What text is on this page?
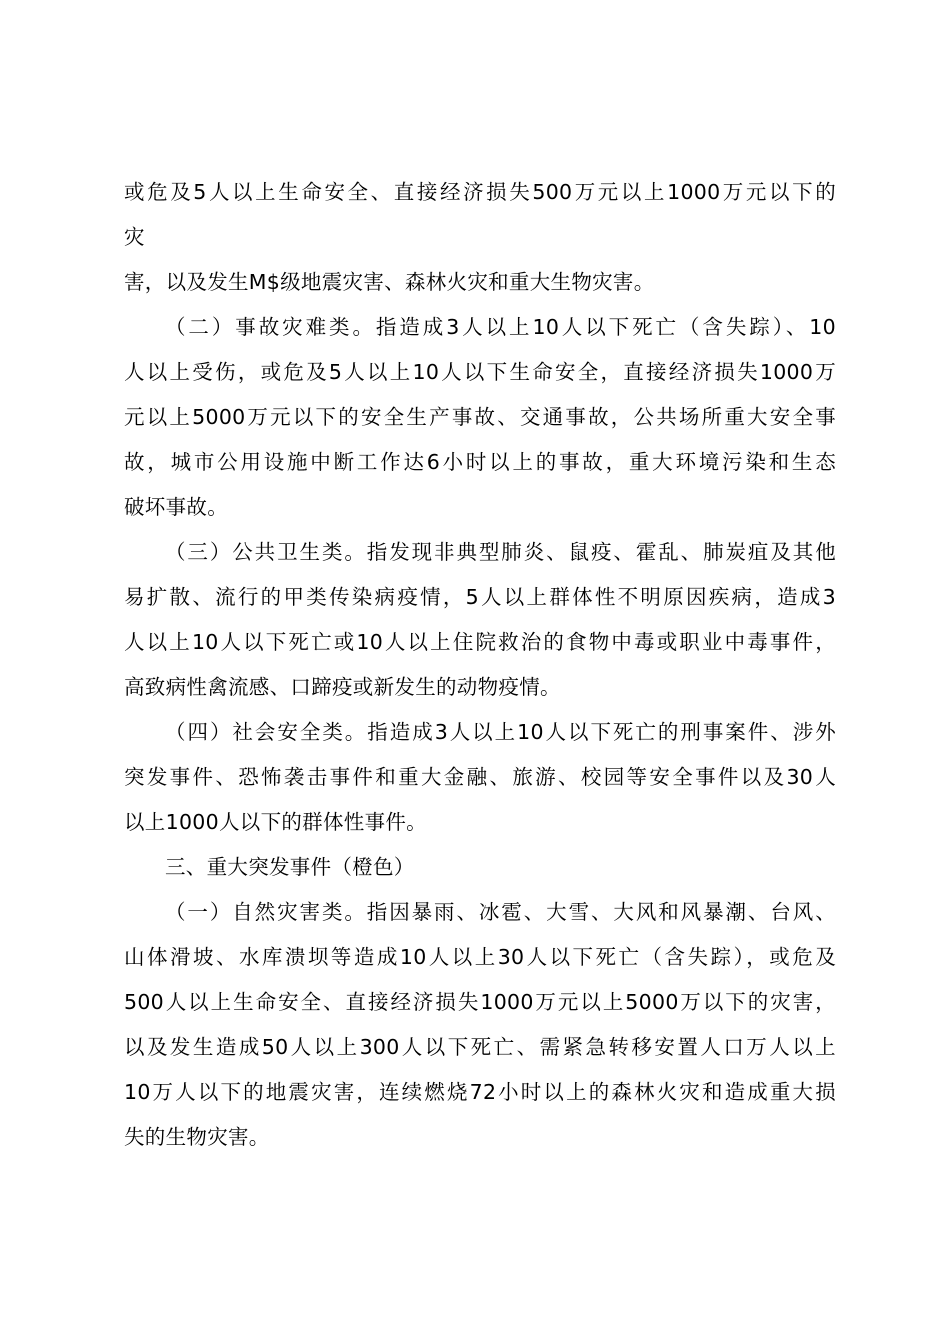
或危及5人以上生命安全、直接经济损失500万元以上1000万元以下的
灾
害，以及发生M$级地震灾害、森林火灾和重大生物灾害。
（二）事故灾难类。指造成3人以上10人以下死亡（含失踪）、10
人以上受伤，或危及5人以上10人以下生命安全，直接经济损失1000万
元以上5000万元以下的安全生产事故、交通事故，公共场所重大安全事
故，城市公用设施中断工作达6小时以上的事故，重大环境污染和生态
破坏事故。
（三）公共卫生类。指发现非典型肺炎、鼠疫、霍乱、肺炭疽及其他
易扩散、流行的甲类传染病疫情，5人以上群体性不明原因疾病，造成3
人以上10人以下死亡或10人以上住院救治的食物中毒或职业中毒事件，
高致病性禽流感、口蹄疫或新发生的动物疫情。
（四）社会安全类。指造成3人以上10人以下死亡的刑事案件、涉外
突发事件、恐怖袭击事件和重大金融、旅游、校园等安全事件以及30人
以上1000人以下的群体性事件。
三、重大突发事件（橙色）
（一）自然灾害类。指因暴雨、冰雹、大雪、大风和风暴潮、台风、
山体滑坡、水库溃坝等造成10人以上30人以下死亡（含失踪），或危及
500人以上生命安全、直接经济损失1000万元以上5000万以下的灾害，
以及发生造成50人以上300人以下死亡、需紧急转移安置人口万人以上
10万人以下的地震灾害，连续燃烧72小时以上的森林火灾和造成重大损
失的生物灾害。
